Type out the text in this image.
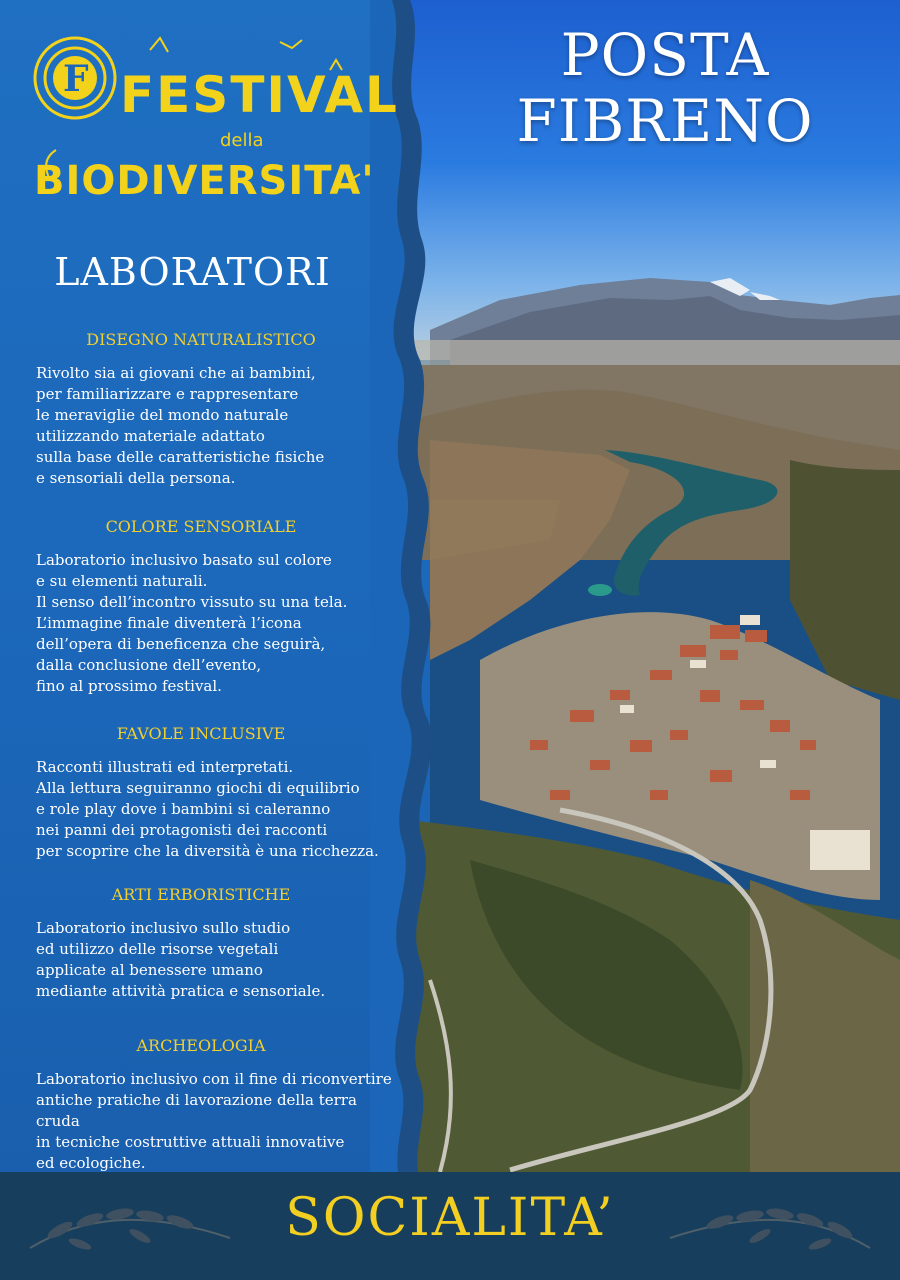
F FESTIVAL
della
BIODIVERSITA'
LABORATORI
DISEGNO NATURALISTICO
Rivolto sia ai giovani che ai bambini,
per familiarizzare e rappresentare
le meraviglie del mondo naturale
utilizzando materiale adattato
sulla base delle caratteristiche fisiche
e sensoriali della persona.
COLORE SENSORIALE
Laboratorio inclusivo basato sul colore
e su elementi naturali.
Il senso dell’incontro vissuto su una tela.
L’immagine finale diventerà l’icona
dell’opera di beneficenza che seguirà,
dalla conclusione dell’evento,
fino al prossimo festival.
FAVOLE INCLUSIVE
Racconti illustrati ed interpretati.
Alla lettura seguiranno giochi di equilibrio
e role play dove i bambini si caleranno
nei panni dei protagonisti dei racconti
per scoprire che la diversità è una ricchezza.
ARTI ERBORISTICHE
Laboratorio inclusivo sullo studio
ed utilizzo delle risorse vegetali
applicate al benessere umano
mediante attività pratica e sensoriale.
ARCHEOLOGIA
Laboratorio inclusivo con il fine di riconvertire
antiche pratiche di lavorazione della terra cruda
in tecniche costruttive attuali innovative
ed ecologiche.
POSTA
FIBRENO
SOCIALITA’
